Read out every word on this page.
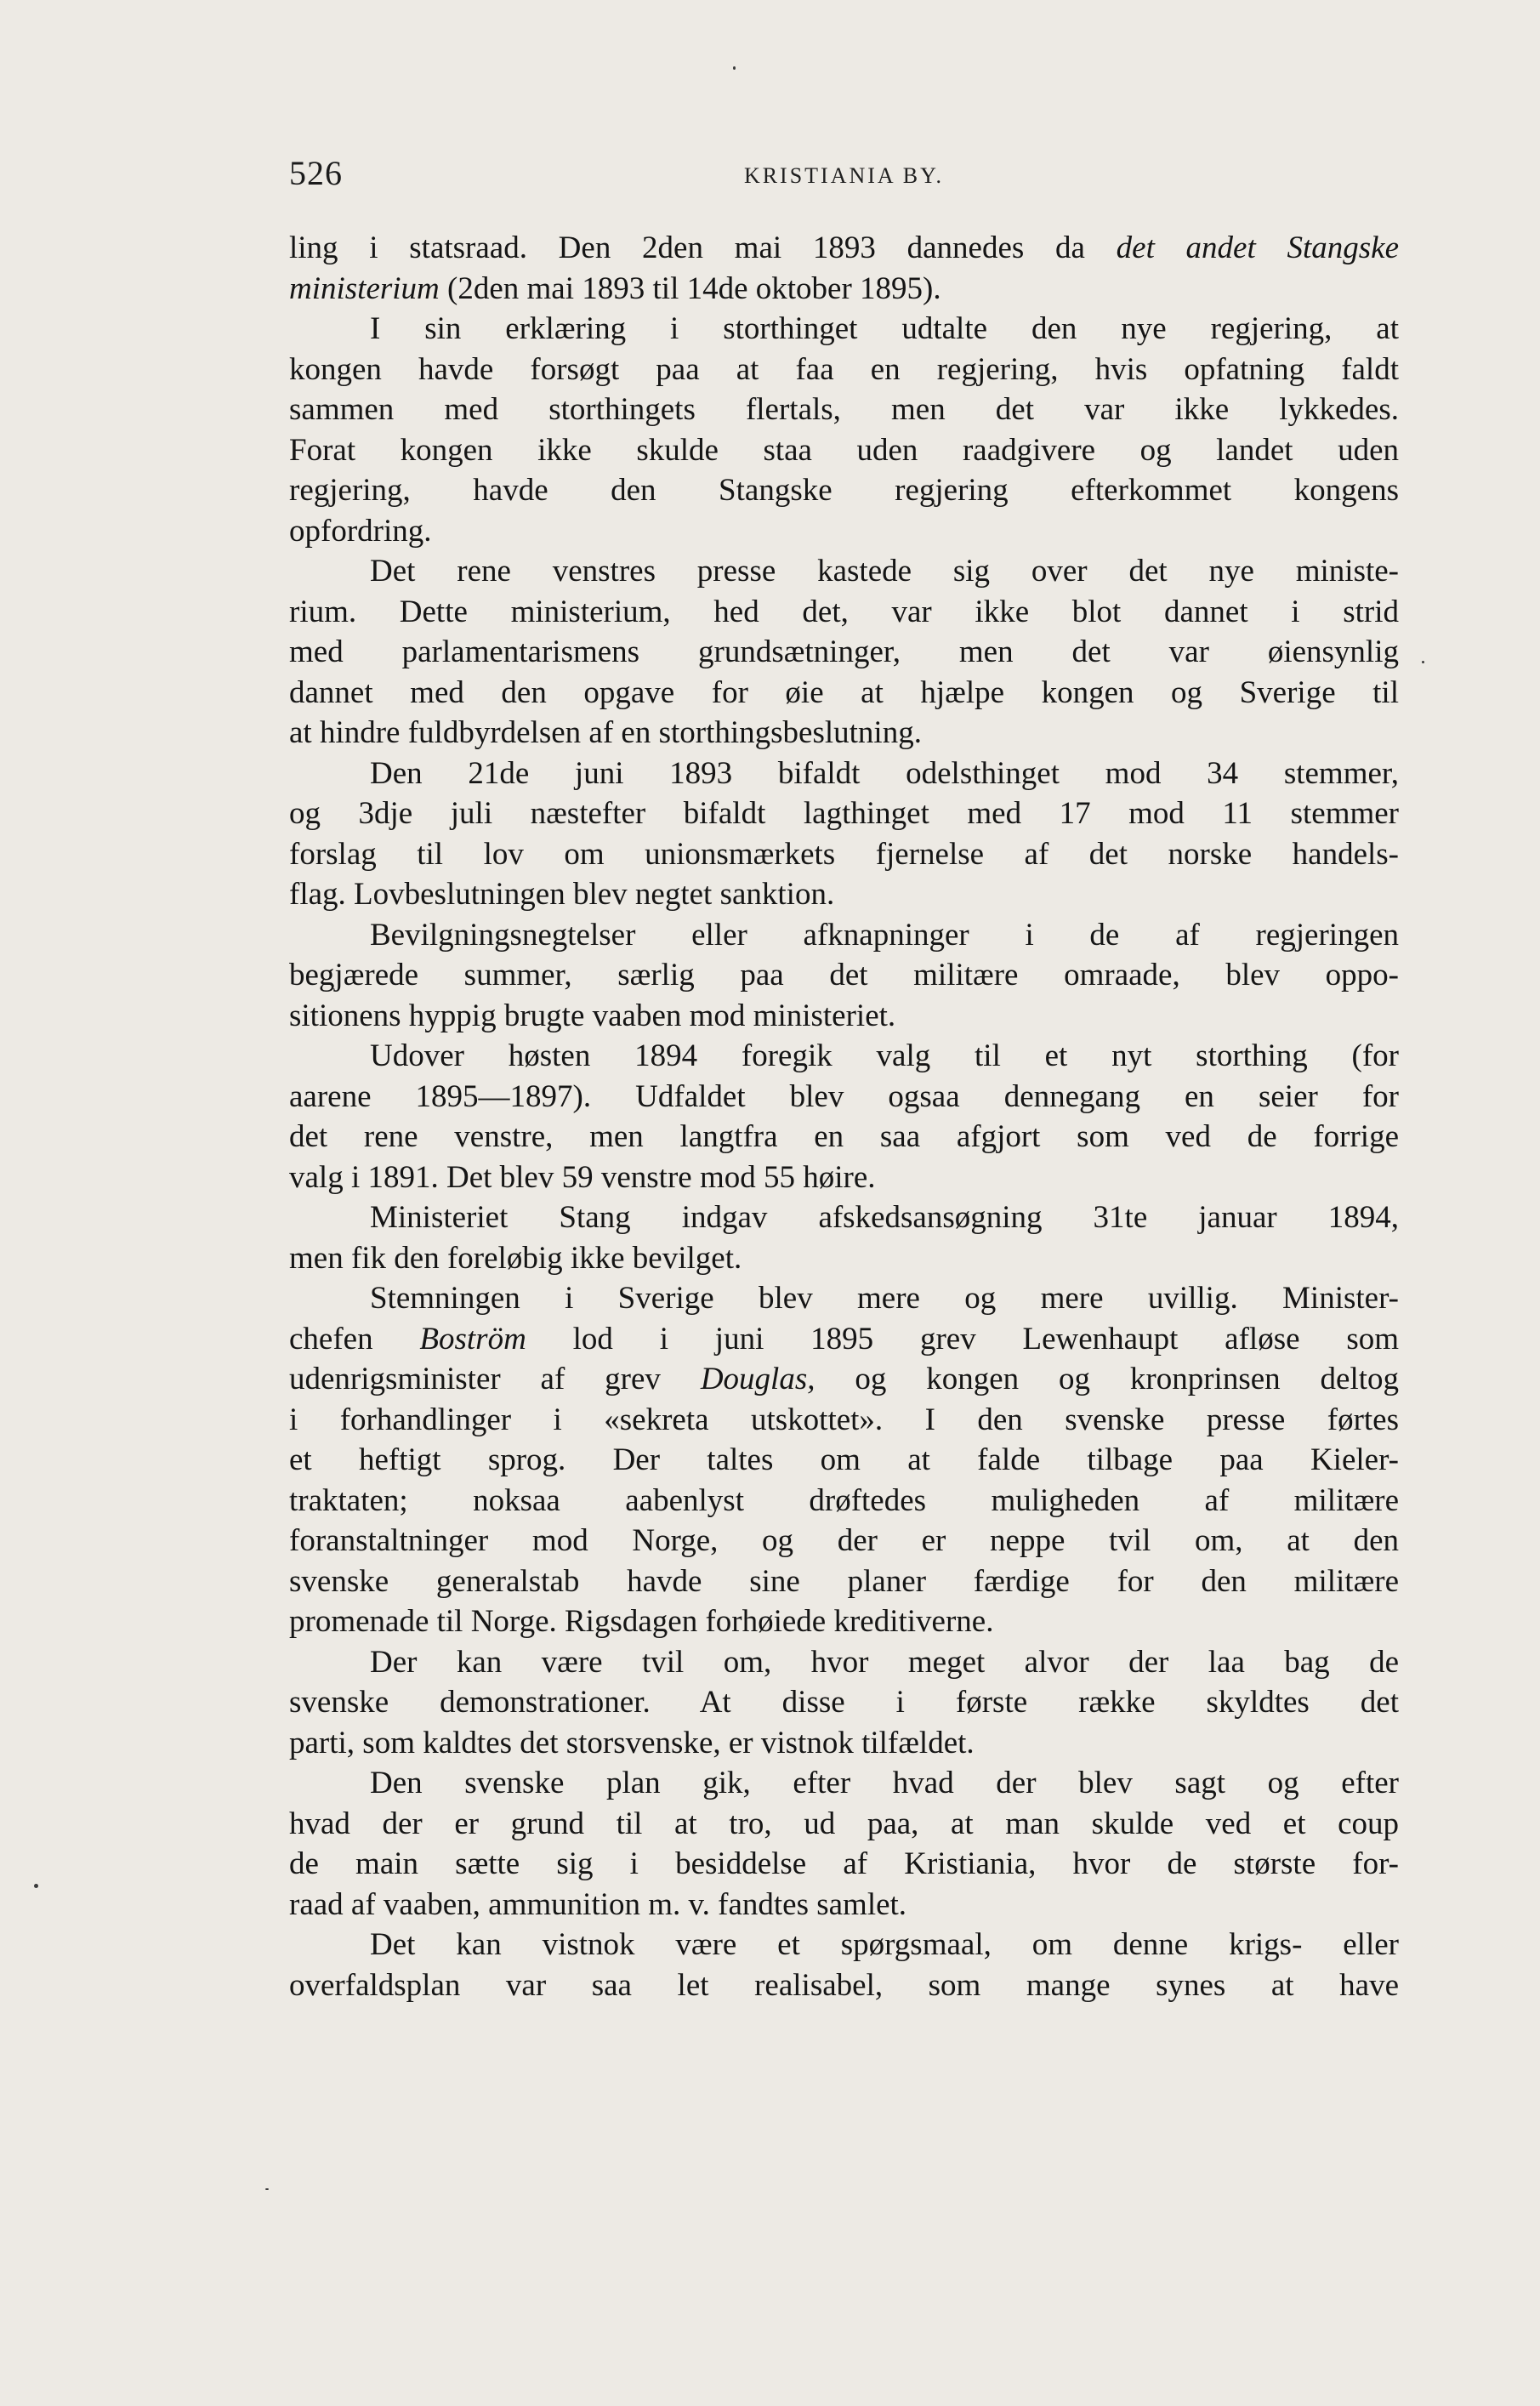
526	KRISTIANIA BY.
ling i statsraad. Den 2den mai 1893 dannedes da det andet Stangske
ministerium (2den mai 1893 til 14de oktober 1895).
I sin erklæring i storthinget udtalte den nye regjering, at
kongen havde forsøgt paa at faa en regjering, hvis opfatning faldt
sammen med storthingets flertals, men det var ikke lykkedes.
Forat kongen ikke skulde staa uden raadgivere og landet uden
regjering, havde den Stangske regjering efterkommet kongens
opfordring.
Det rene venstres presse kastede sig over det nye ministe-
rium. Dette ministerium, hed det, var ikke blot dannet i strid
med parlamentarismens grundsætninger, men det var øiensynlig
dannet med den opgave for øie at hjælpe kongen og Sverige til
at hindre fuldbyrdelsen af en storthingsbeslutning.
Den 21de juni 1893 bifaldt odelsthinget mod 34 stemmer,
og 3dje juli næstefter bifaldt lagthinget med 17 mod 11 stemmer
forslag til lov om unionsmærkets fjernelse af det norske handels-
flag. Lovbeslutningen blev negtet sanktion.
Bevilgningsnegtelser eller afknapninger i de af regjeringen
begjærede summer, særlig paa det militære omraade, blev oppo-
sitionens hyppig brugte vaaben mod ministeriet.
Udover høsten 1894 foregik valg til et nyt storthing (for
aarene 1895—1897). Udfaldet blev ogsaa dennegang en seier for
det rene venstre, men langtfra en saa afgjort som ved de forrige
valg i 1891. Det blev 59 venstre mod 55 høire.
Ministeriet Stang indgav afskedsansøgning 31te januar 1894,
men fik den foreløbig ikke bevilget.
Stemningen i Sverige blev mere og mere uvillig. Minister-
chefen Boström lod i juni 1895 grev Lewenhaupt afløse som
udenrigsminister af grev Douglas, og kongen og kronprinsen deltog
i forhandlinger i «sekreta utskottet». I den svenske presse førtes
et heftigt sprog. Der taltes om at falde tilbage paa Kieler-
traktaten; noksaa aabenlyst drøftedes muligheden af militære
foranstaltninger mod Norge, og der er neppe tvil om, at den
svenske generalstab havde sine planer færdige for den militære
promenade til Norge. Rigsdagen forhøiede kreditiverne.
Der kan være tvil om, hvor meget alvor der laa bag de
svenske demonstrationer. At disse i første række skyldtes det
parti, som kaldtes det storsvenske, er vistnok tilfældet.
Den svenske plan gik, efter hvad der blev sagt og efter
hvad der er grund til at tro, ud paa, at man skulde ved et coup
de main sætte sig i besiddelse af Kristiania, hvor de største for-
raad af vaaben, ammunition m. v. fandtes samlet.
Det kan vistnok være et spørgsmaal, om denne krigs- eller
overfaldsplan var saa let realisabel, som mange synes at have
